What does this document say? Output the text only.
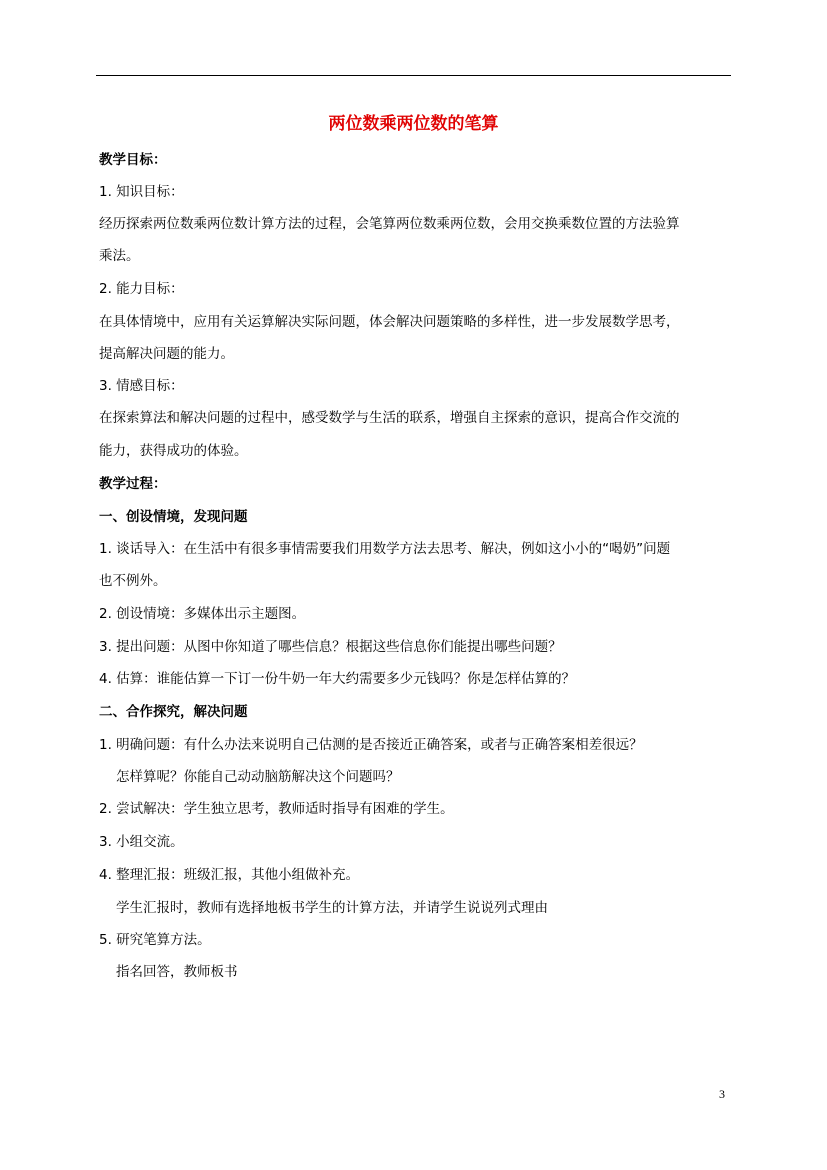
两位数乘两位数的笔算
教学目标：
1. 知识目标：
经历探索两位数乘两位数计算方法的过程，会笔算两位数乘两位数，会用交换乘数位置的方法验算
乘法。
2. 能力目标：
在具体情境中，应用有关运算解决实际问题，体会解决问题策略的多样性，进一步发展数学思考，
提高解决问题的能力。
3. 情感目标：
在探索算法和解决问题的过程中，感受数学与生活的联系，增强自主探索的意识，提高合作交流的
能力，获得成功的体验。
教学过程：
一、创设情境，发现问题
1. 谈话导入：在生活中有很多事情需要我们用数学方法去思考、解决，例如这小小的“喝奶”问题
也不例外。
2. 创设情境：多媒体出示主题图。
3. 提出问题：从图中你知道了哪些信息？根据这些信息你们能提出哪些问题？
4. 估算：谁能估算一下订一份牛奶一年大约需要多少元钱吗？你是怎样估算的？
二、合作探究，解决问题
1. 明确问题：有什么办法来说明自己估测的是否接近正确答案，或者与正确答案相差很远？
怎样算呢？你能自己动动脑筋解决这个问题吗？
2. 尝试解决：学生独立思考，教师适时指导有困难的学生。
3. 小组交流。
4. 整理汇报：班级汇报，其他小组做补充。
学生汇报时，教师有选择地板书学生的计算方法，并请学生说说列式理由
5. 研究笔算方法。
指名回答，教师板书
3
